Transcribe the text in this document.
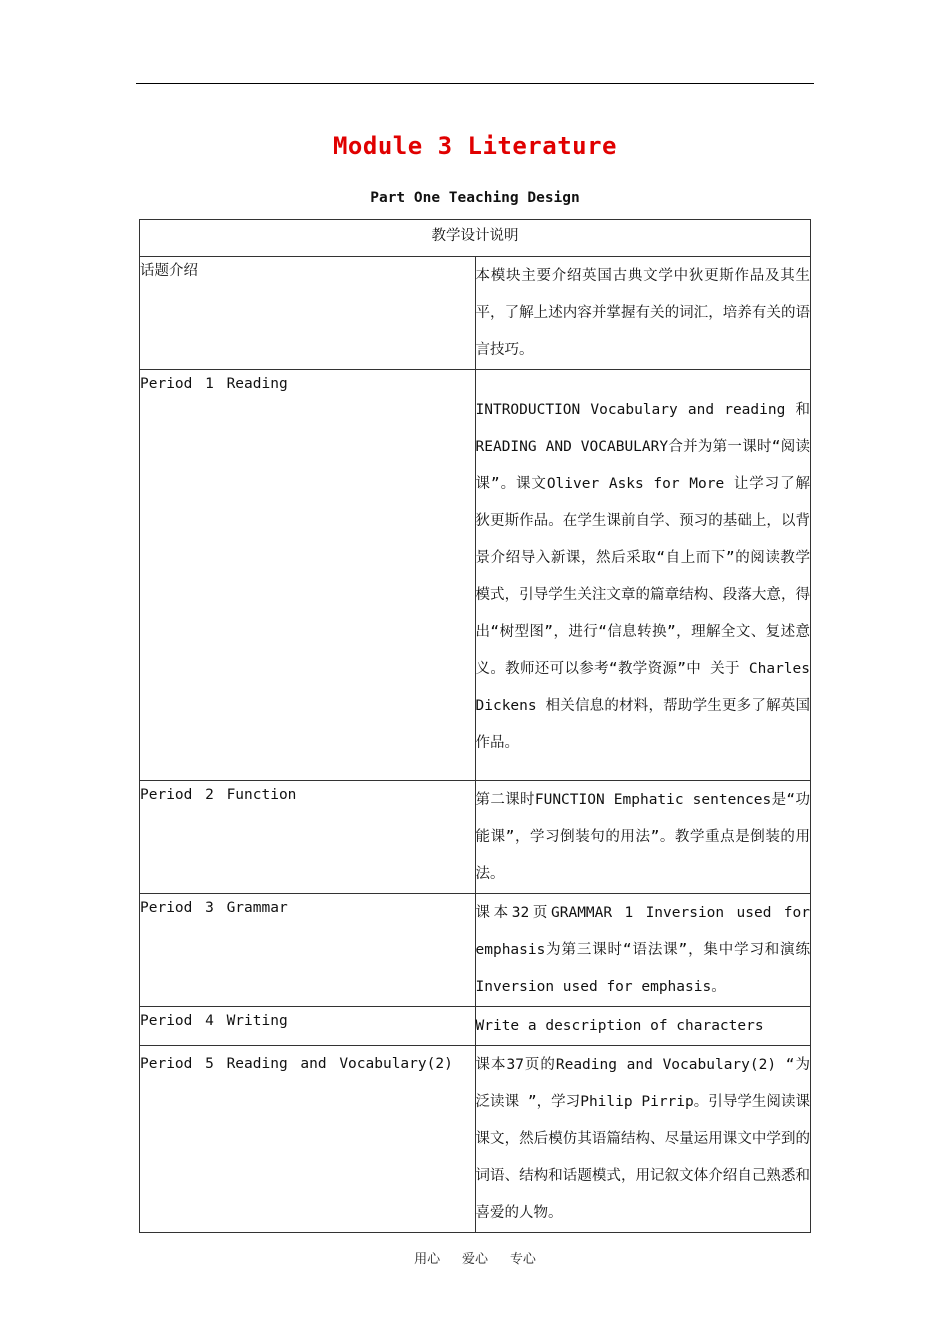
Module 3 Literature
Part One Teaching Design
教学设计说明	

话题介绍	本模块主要介绍英国古典文学中狄更斯作品及其生平，了解上述内容并掌握有关的词汇，培养有关的语言技巧。

Period 1 Reading	INTRODUCTION Vocabulary and reading 和 READING AND VOCABULARY合并为第一课时“阅读课”。课文Oliver Asks for More 让学习了解狄更斯作品。在学生课前自学、预习的基础上，以背景介绍导入新课，然后采取“自上而下”的阅读教学模式，引导学生关注文章的篇章结构、段落大意，得出“树型图”，进行“信息转换”，理解全文、复述意义。教师还可以参考“教学资源”中 关于 Charles Dickens 相关信息的材料，帮助学生更多了解英国作品。

Period 2 Function	第二课时FUNCTION Emphatic sentences是“功能课”，学习倒装句的用法”。教学重点是倒装的用法。

Period 3 Grammar	课本32页GRAMMAR 1 Inversion used for emphasis为第三课时“语法课”，集中学习和演练Inversion used for emphasis。

Period 4 Writing	Write a description of characters

Period 5 Reading and Vocabulary(2)	课本37页的Reading and Vocabulary(2) “为泛读课 ”，学习Philip Pirrip。引导学生阅读课课文，然后模仿其语篇结构、尽量运用课文中学到的词语、结构和话题模式，用记叙文体介绍自己熟悉和喜爱的人物。
用心 爱心 专心
